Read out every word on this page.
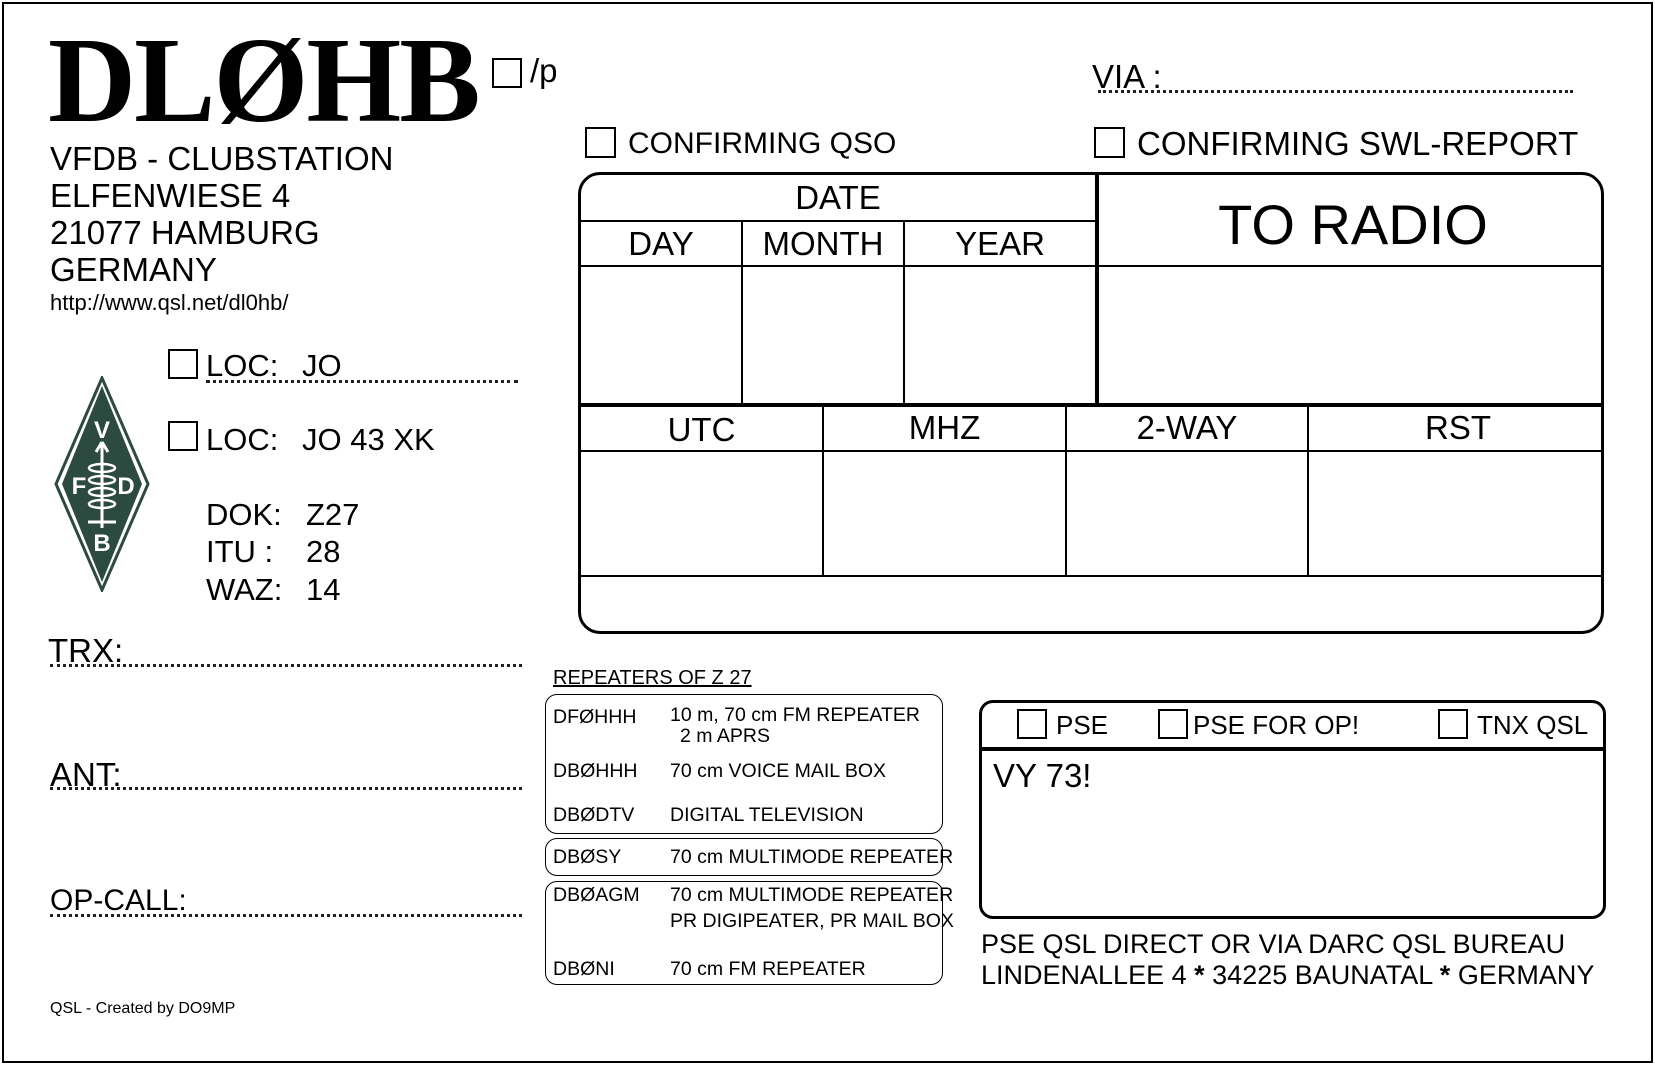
DLØHB /p
VFDB - CLUBSTATION
ELFENWIESE 4
21077 HAMBURG
GERMANY
http://www.qsl.net/dl0hb/
VIA :
CONFIRMING QSO	CONFIRMING SWL-REPORT
LOC: JO
LOC: JO 43 XK
DOK: Z27
ITU : 28
WAZ: 14
V
F D
B
TRX:
ANT:
OP-CALL:
DATE
DAY	MONTH	YEAR	TO RADIO
UTC	MHZ	2-WAY	RST
REPEATERS OF Z 27
DFØHHH 10 m, 70 cm FM REPEATER
2 m APRS
DBØHHH 70 cm VOICE MAIL BOX
DBØDTV DIGITAL TELEVISION
DBØSY 70 cm MULTIMODE REPEATER
DBØAGM 70 cm MULTIMODE REPEATER
PR DIGIPEATER, PR MAIL BOX
DBØNI	70 cm FM REPEATER
PSE	PSE FOR OP!	TNX QSL
VY 73!
PSE QSL DIRECT OR VIA DARC QSL BUREAU
LINDENALLEE 4 * 34225 BAUNATAL * GERMANY
QSL - Created by DO9MP
